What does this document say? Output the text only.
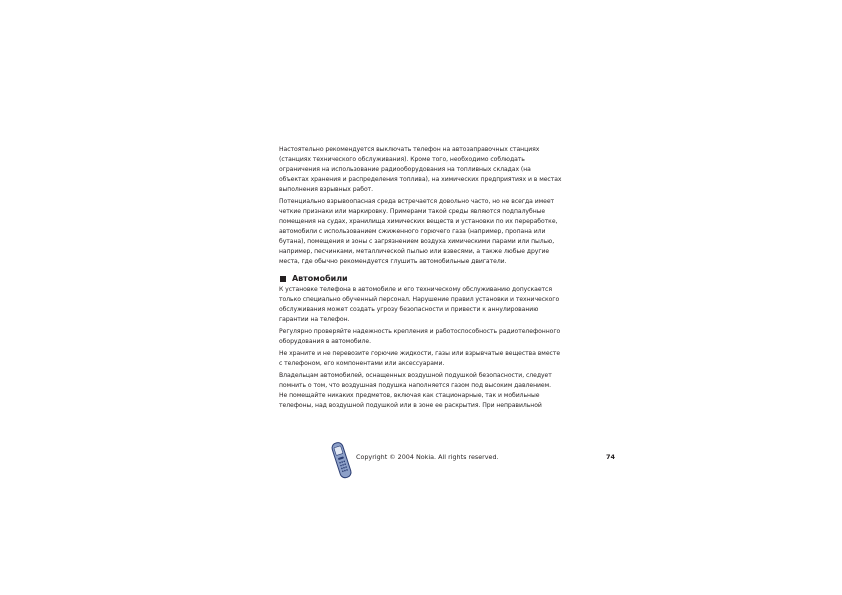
Настоятельно рекомендуется выключать телефон на автозаправочных станциях
(станциях технического обслуживания). Кроме того, необходимо соблюдать
ограничения на использование радиооборудования на топливных складах (на
объектах хранения и распределения топлива), на химических предприятиях и в местах
выполнения взрывных работ.
Потенциально взрывоопасная среда встречается довольно часто, но не всегда имеет
четкие признаки или маркировку. Примерами такой среды являются подпалубные
помещения на судах, хранилища химических веществ и установки по их переработке,
автомобили с использованием сжиженного горючего газа (например, пропана или
бутана), помещения и зоны с загрязнением воздуха химическими парами или пылью,
например, песчинками, металлической пылью или взвесями, а также любые другие
места, где обычно рекомендуется глушить автомобильные двигатели.
Автомобили
К установке телефона в автомобиле и его техническому обслуживанию допускается
только специально обученный персонал. Нарушение правил установки и технического
обслуживания может создать угрозу безопасности и привести к аннулированию
гарантии на телефон.
Регулярно проверяйте надежность крепления и работоспособность радиотелефонного
оборудования в автомобиле.
Не храните и не перевозите горючие жидкости, газы или взрывчатые вещества вместе
с телефоном, его компонентами или аксессуарами.
Владельцам автомобилей, оснащенных воздушной подушкой безопасности, следует
помнить о том, что воздушная подушка наполняется газом под высоким давлением.
Не помещайте никаких предметов, включая как стационарные, так и мобильные
телефоны, над воздушной подушкой или в зоне ее раскрытия. При неправильной
Copyright © 2004 Nokia. All rights reserved.	74
